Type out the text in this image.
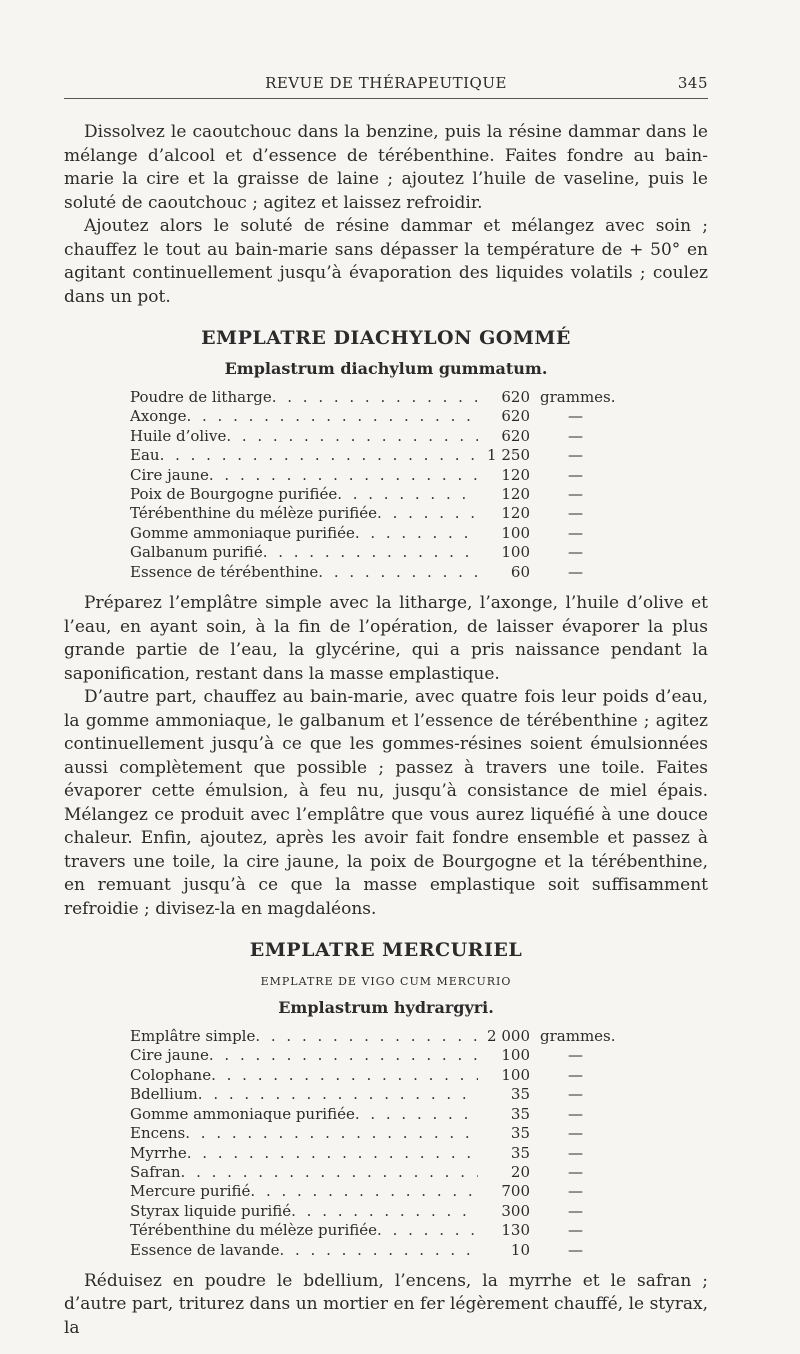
REVUE DE THÉRAPEUTIQUE	345

Dissolvez le caoutchouc dans la benzine, puis la résine dammar dans le mélange d’alcool et d’essence de térébenthine. Faites fondre au bain-marie la cire et la graisse de laine ; ajoutez l’huile de vaseline, puis le soluté de caoutchouc ; agitez et laissez refroidir.

Ajoutez alors le soluté de résine dammar et mélangez avec soin ; chauffez le tout au bain-marie sans dépasser la température de + 50° en agitant continuellement jusqu’à évaporation des liquides volatils ; coulez dans un pot.

EMPLATRE DIACHYLON GOMMÉ
Emplastrum diachylum gummatum.
Poudre de litharge . . .	620 grammes.
Axonge . . .	620	—
Huile d’olive . . .	620	—
Eau . . .	1 250	—
Cire jaune . . .	120	—
Poix de Bourgogne purifiée . . .	120	—
Térébenthine du mélèze purifiée . . .	120	—
Gomme ammoniaque purifiée . . .	100	—
Galbanum purifié . . .	100	—
Essence de térébenthine . . .	60	—

Préparez l’emplâtre simple avec la litharge, l’axonge, l’huile d’olive et l’eau, en ayant soin, à la fin de l’opération, de laisser évaporer la plus grande partie de l’eau, la glycérine, qui a pris naissance pendant la saponification, restant dans la masse emplastique.

D’autre part, chauffez au bain-marie, avec quatre fois leur poids d’eau, la gomme ammoniaque, le galbanum et l’essence de térébenthine ; agitez continuellement jusqu’à ce que les gommes-résines soient émulsionnées aussi complètement que possible ; passez à travers une toile. Faites évaporer cette émulsion, à feu nu, jusqu’à consistance de miel épais. Mélangez ce produit avec l’emplâtre que vous aurez liquéfié à une douce chaleur. Enfin, ajoutez, après les avoir fait fondre ensemble et passez à travers une toile, la cire jaune, la poix de Bourgogne et la térébenthine, en remuant jusqu’à ce que la masse emplastique soit suffisamment refroidie ; divisez-la en magdaléons.

EMPLATRE MERCURIEL
EMPLATRE DE VIGO CUM MERCURIO
Emplastrum hydrargyri.
Emplâtre simple . . .	2 000 grammes.
Cire jaune . . .	100	—
Colophane . . .	100	—
Bdellium . . .	35	—
Gomme ammoniaque purifiée . . .	35	—
Encens . . .	35	—
Myrrhe . . .	35	—
Safran . . .	20	—
Mercure purifié . . .	700	—
Styrax liquide purifié . . .	300	—
Térébenthine du mélèze purifiée . . .	130	—
Essence de lavande . . .	10	—

Réduisez en poudre le bdellium, l’encens, la myrrhe et le safran ; d’autre part, triturez dans un mortier en fer légèrement chauffé, le styrax, la
